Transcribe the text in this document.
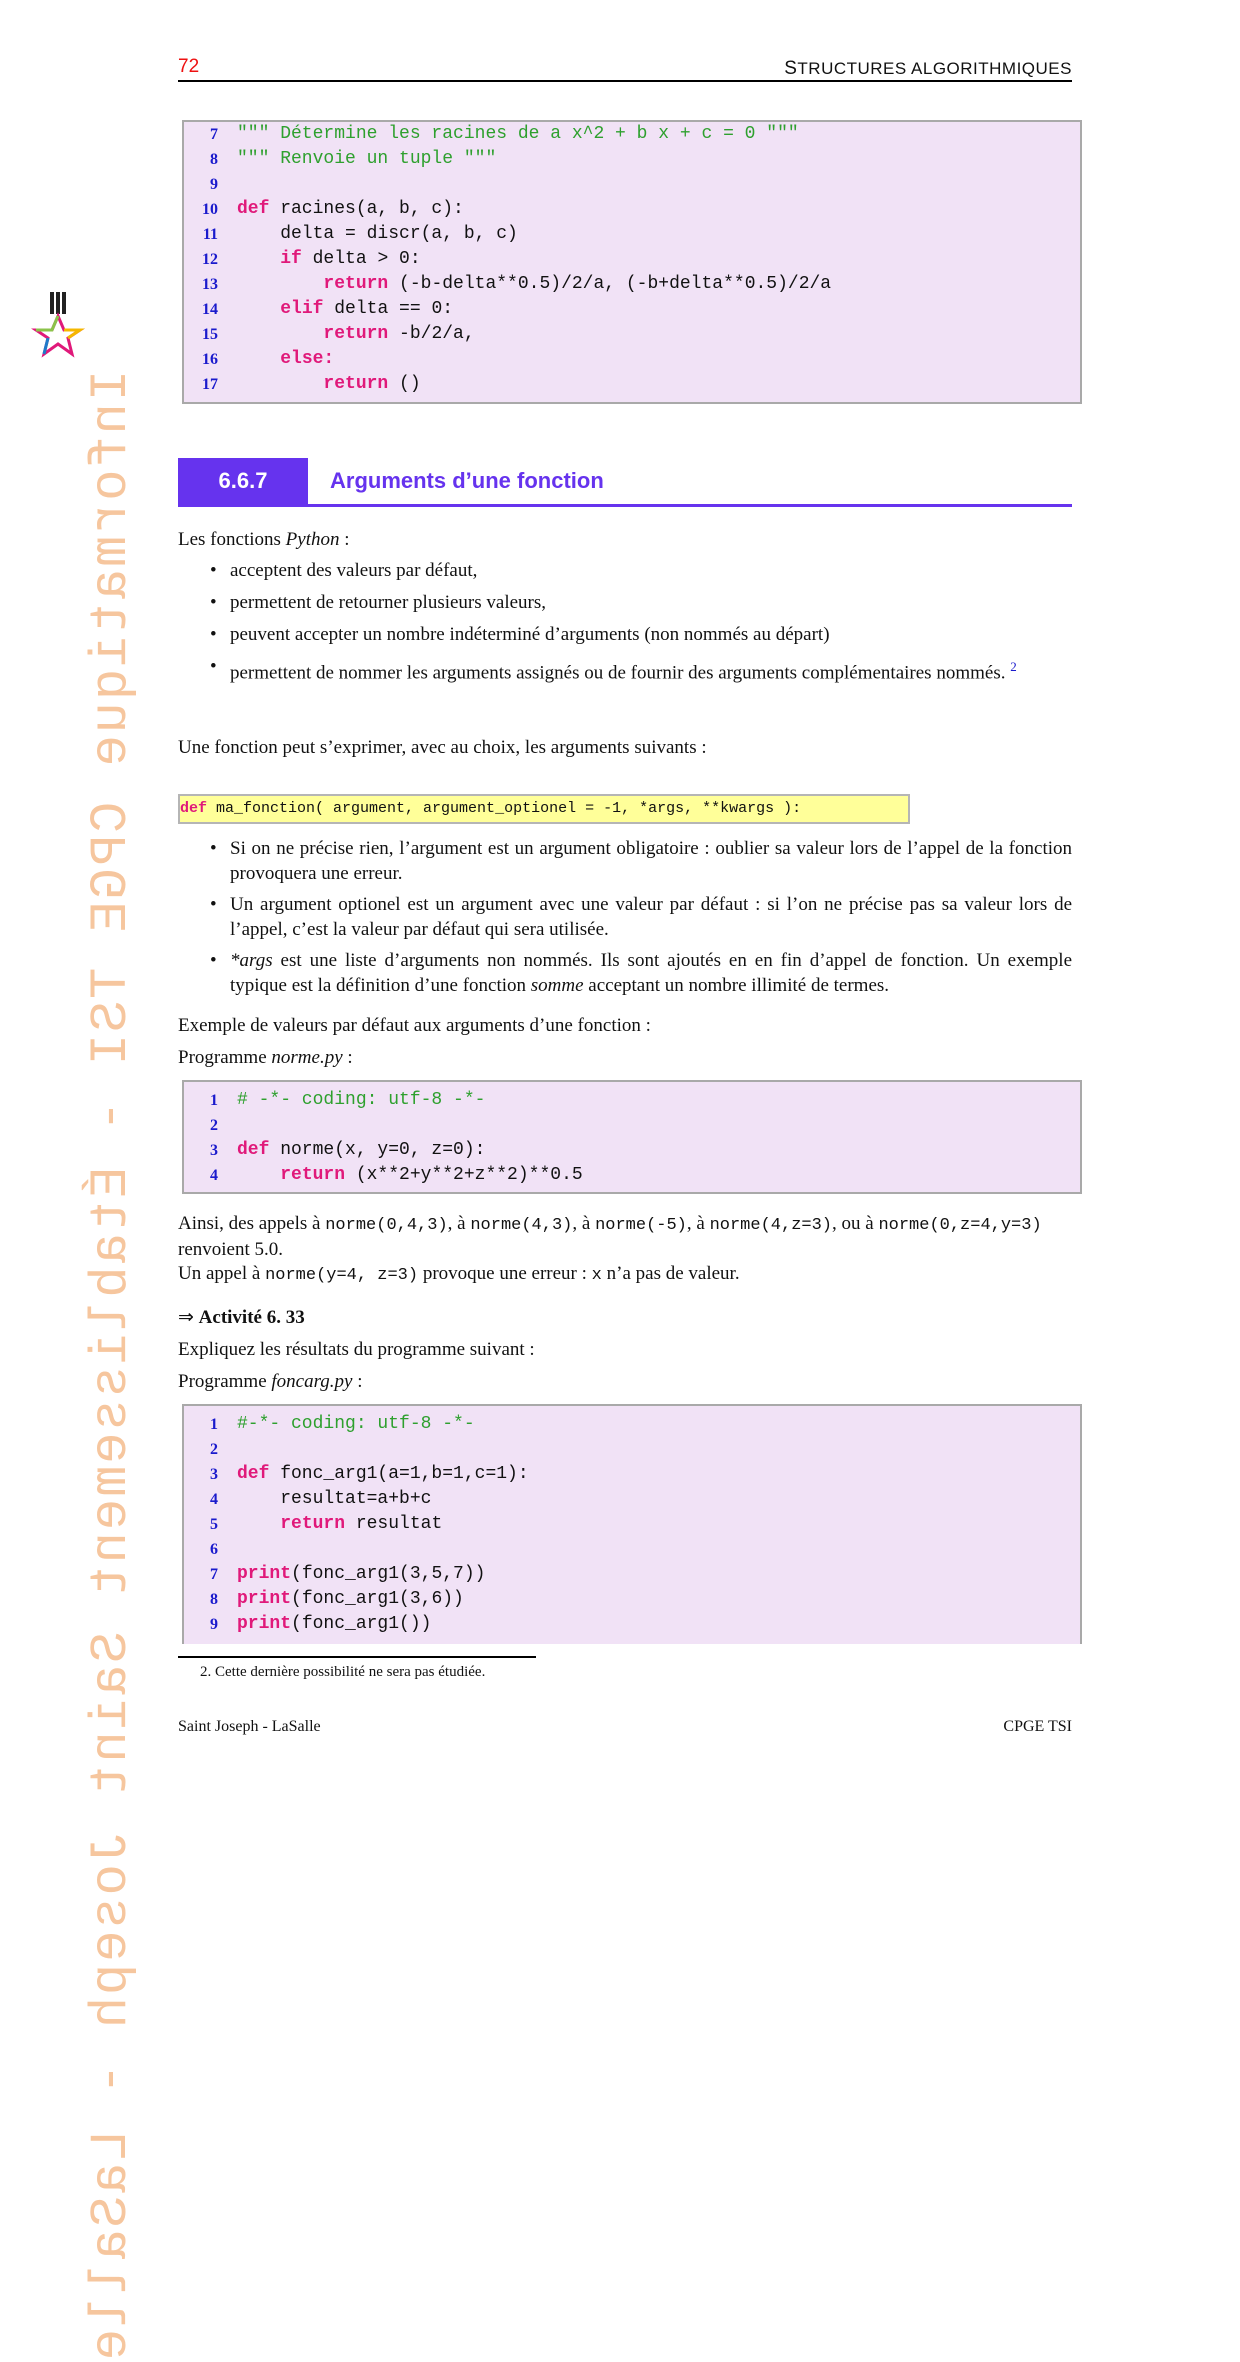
Informatique CPGE TSI - Établissement Saint Joseph - LaSalle
72	STRUCTURES ALGORITHMIQUES
7 """ Détermine les racines de a x^2 + b x + c = 0 """
8 """ Renvoie un tuple """
9
10 def racines(a, b, c):
11 delta = discr(a, b, c)
12	if delta > 0:
13	return (-b-delta**0.5)/2/a, (-b+delta**0.5)/2/a
14	elif delta == 0:
15	return -b/2/a,
16	else:
17	return ()
6.6.7	Arguments d’une fonction
Les fonctions Python :
• acceptent des valeurs par défaut,
• permettent de retourner plusieurs valeurs,
• peuvent accepter un nombre indéterminé d’arguments (non nommés au départ)
• permettent de nommer les arguments assignés ou de fournir des arguments complémentaires nommés. $^2$
Une fonction peut s’exprimer, avec au choix, les arguments suivants :
def ma_fonction( argument, argument_optionel = -1, *args, **kwargs ):
• Si on ne précise rien, l’argument est un argument obligatoire : oublier sa valeur lors de l’appel de la fonction provoquera une erreur.
• Un argument optionel est un argument avec une valeur par défaut : si l’on ne précise pas sa valeur lors de l’appel, c’est la valeur par défaut qui sera utilisée.
• *args est une liste d’arguments non nommés. Ils sont ajoutés en en fin d’appel de fonction. Un exemple typique est la définition d’une fonction somme acceptant un nombre illimité de termes.
Exemple de valeurs par défaut aux arguments d’une fonction :
Programme norme.py :
1 # -*- coding: utf-8 -*-
2
3 def norme(x, y=0, z=0):
4	return (x**2+y**2+z**2)**0.5
Ainsi, des appels à norme(0,4,3), à norme(4,3), à norme(-5), à norme(4,z=3), ou à norme(0,z=4,y=3)
renvoient 5.0.
Un appel à norme(y=4, z=3) provoque une erreur : x n’a pas de valeur.
⇒ Activité 6. 33
Expliquez les résultats du programme suivant :
Programme foncarg.py :
1 #-*- coding: utf-8 -*-
2
3 def fonc_arg1(a=1,b=1,c=1):
4 resultat=a+b+c
5	return resultat
6
7 print(fonc_arg1(3,5,7))
8 print(fonc_arg1(3,6))
9 print(fonc_arg1())
2. Cette dernière possibilité ne sera pas étudiée.
Saint Joseph - LaSalle	CPGE TSI
